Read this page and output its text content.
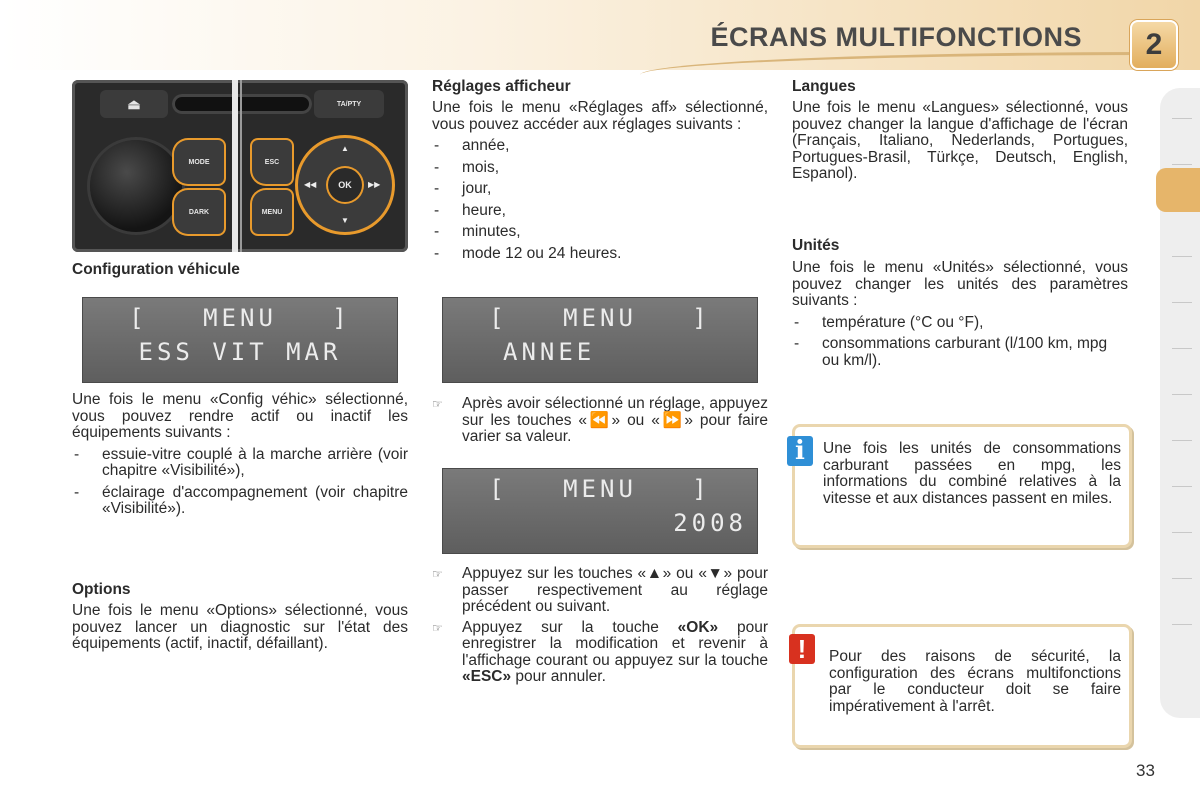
ÉCRANS MULTIFONCTIONS	2
⏏	TA/PTY
MODE
DARK
ESC
MENU
▲
▼
◀◀	▶▶
OK
Configuration véhicule
[   MENU   ]
ESS VIT MAR

Une fois le menu «Config véhic» sélectionné, vous pouvez rendre actif ou inactif les équipements suivants :

- essuie-vitre couplé à la marche arrière (voir chapitre «Visibilité»),
- éclairage d'accompagnement (voir chapitre «Visibilité»).
Options
Une fois le menu «Options» sélectionné, vous pouvez lancer un diagnostic sur l'état des équipements (actif, inactif, défaillant).
Réglages afficheur

Une fois le menu «Réglages aff» sélectionné, vous pouvez accéder aux réglages suivants :

- année,
- mois,
- jour,
- heure,
- minutes,
- mode 12 ou 24 heures.
[   MENU   ]
ANNEE
☞ Après avoir sélectionné un réglage, appuyez sur les touches «⏪» ou «⏩» pour faire varier sa valeur.
[   MENU   ]
2008
☞ Appuyez sur les touches «▲» ou «▼» pour passer respectivement au réglage précédent ou suivant.
☞ Appuyez sur la touche «OK» pour enregistrer la modification et revenir à l'affichage courant ou appuyez sur la touche «ESC» pour annuler.
Langues
Une fois le menu «Langues» sélectionné, vous pouvez changer la langue d'affichage de l'écran (Français, Italiano, Nederlands, Portugues, Portugues-Brasil, Türkçe, Deutsch, English, Espanol).
Unités

Une fois le menu «Unités» sélectionné, vous pouvez changer les unités des paramètres suivants :

- température (°C ou °F),
- consommations carburant (l/100 km, mpg ou km/l).
Une fois les unités de consommations carburant passées en mpg, les informations du combiné relatives à la vitesse et aux distances passent en miles.
i
Pour des raisons de sécurité, la configuration des écrans multifonctions par le conducteur doit se faire impérativement à l'arrêt.
!
33
